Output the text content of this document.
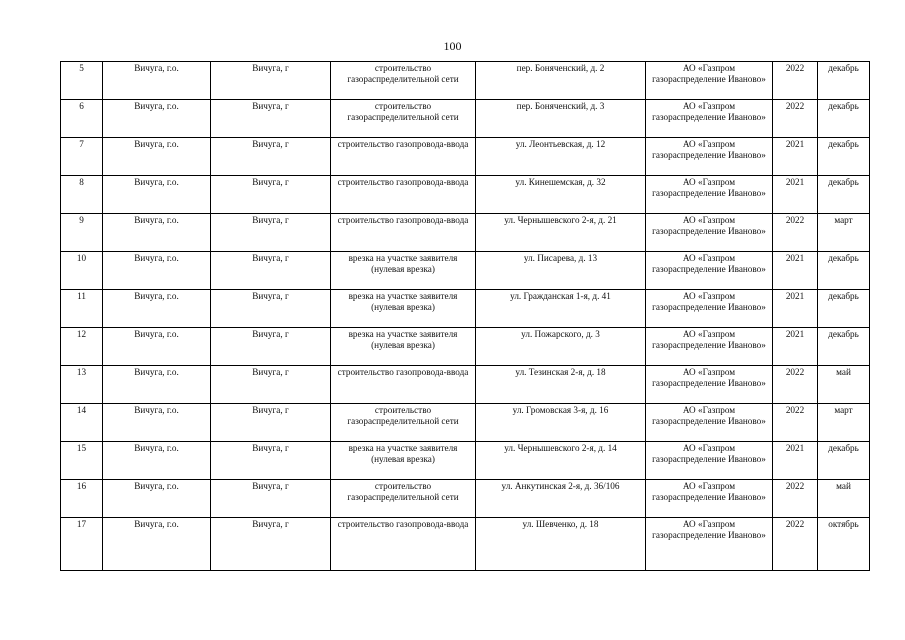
100
5	Вичуга, г.о.	Вичуга, г	строительство газораспределительной сети	пер. Боняченский, д. 2	АО «Газпром газораспределение Иваново»	2022	декабрь
6	Вичуга, г.о.	Вичуга, г	строительство газораспределительной сети	пер. Боняченский, д. 3	АО «Газпром газораспределение Иваново»	2022	декабрь
7	Вичуга, г.о.	Вичуга, г	строительство газопровода-ввода	ул. Леонтьевская, д. 12	АО «Газпром газораспределение Иваново»	2021	декабрь
8	Вичуга, г.о.	Вичуга, г	строительство газопровода-ввода	ул. Кинешемская, д. 32	АО «Газпром газораспределение Иваново»	2021	декабрь
9	Вичуга, г.о.	Вичуга, г	строительство газопровода-ввода	ул. Чернышевского 2-я, д. 21	АО «Газпром газораспределение Иваново»	2022	март
10	Вичуга, г.о.	Вичуга, г	врезка на участке заявителя (нулевая врезка)	ул. Писарева, д. 13	АО «Газпром газораспределение Иваново»	2021	декабрь
11	Вичуга, г.о.	Вичуга, г	врезка на участке заявителя (нулевая врезка)	ул. Гражданская 1-я, д. 41	АО «Газпром газораспределение Иваново»	2021	декабрь
12	Вичуга, г.о.	Вичуга, г	врезка на участке заявителя (нулевая врезка)	ул. Пожарского, д. 3	АО «Газпром газораспределение Иваново»	2021	декабрь
13	Вичуга, г.о.	Вичуга, г	строительство газопровода-ввода	ул. Тезинская 2-я, д. 18	АО «Газпром газораспределение Иваново»	2022	май
14	Вичуга, г.о.	Вичуга, г	строительство газораспределительной сети	ул. Громовская 3-я, д. 16	АО «Газпром газораспределение Иваново»	2022	март
15	Вичуга, г.о.	Вичуга, г	врезка на участке заявителя (нулевая врезка)	ул. Чернышевского 2-я, д. 14	АО «Газпром газораспределение Иваново»	2021	декабрь
16	Вичуга, г.о.	Вичуга, г	строительство газораспределительной сети	ул. Анкутинская 2-я, д. 36/106	АО «Газпром газораспределение Иваново»	2022	май
17	Вичуга, г.о.	Вичуга, г	строительство газопровода-ввода	ул. Шевченко, д. 18	АО «Газпром газораспределение Иваново»	2022	октябрь
